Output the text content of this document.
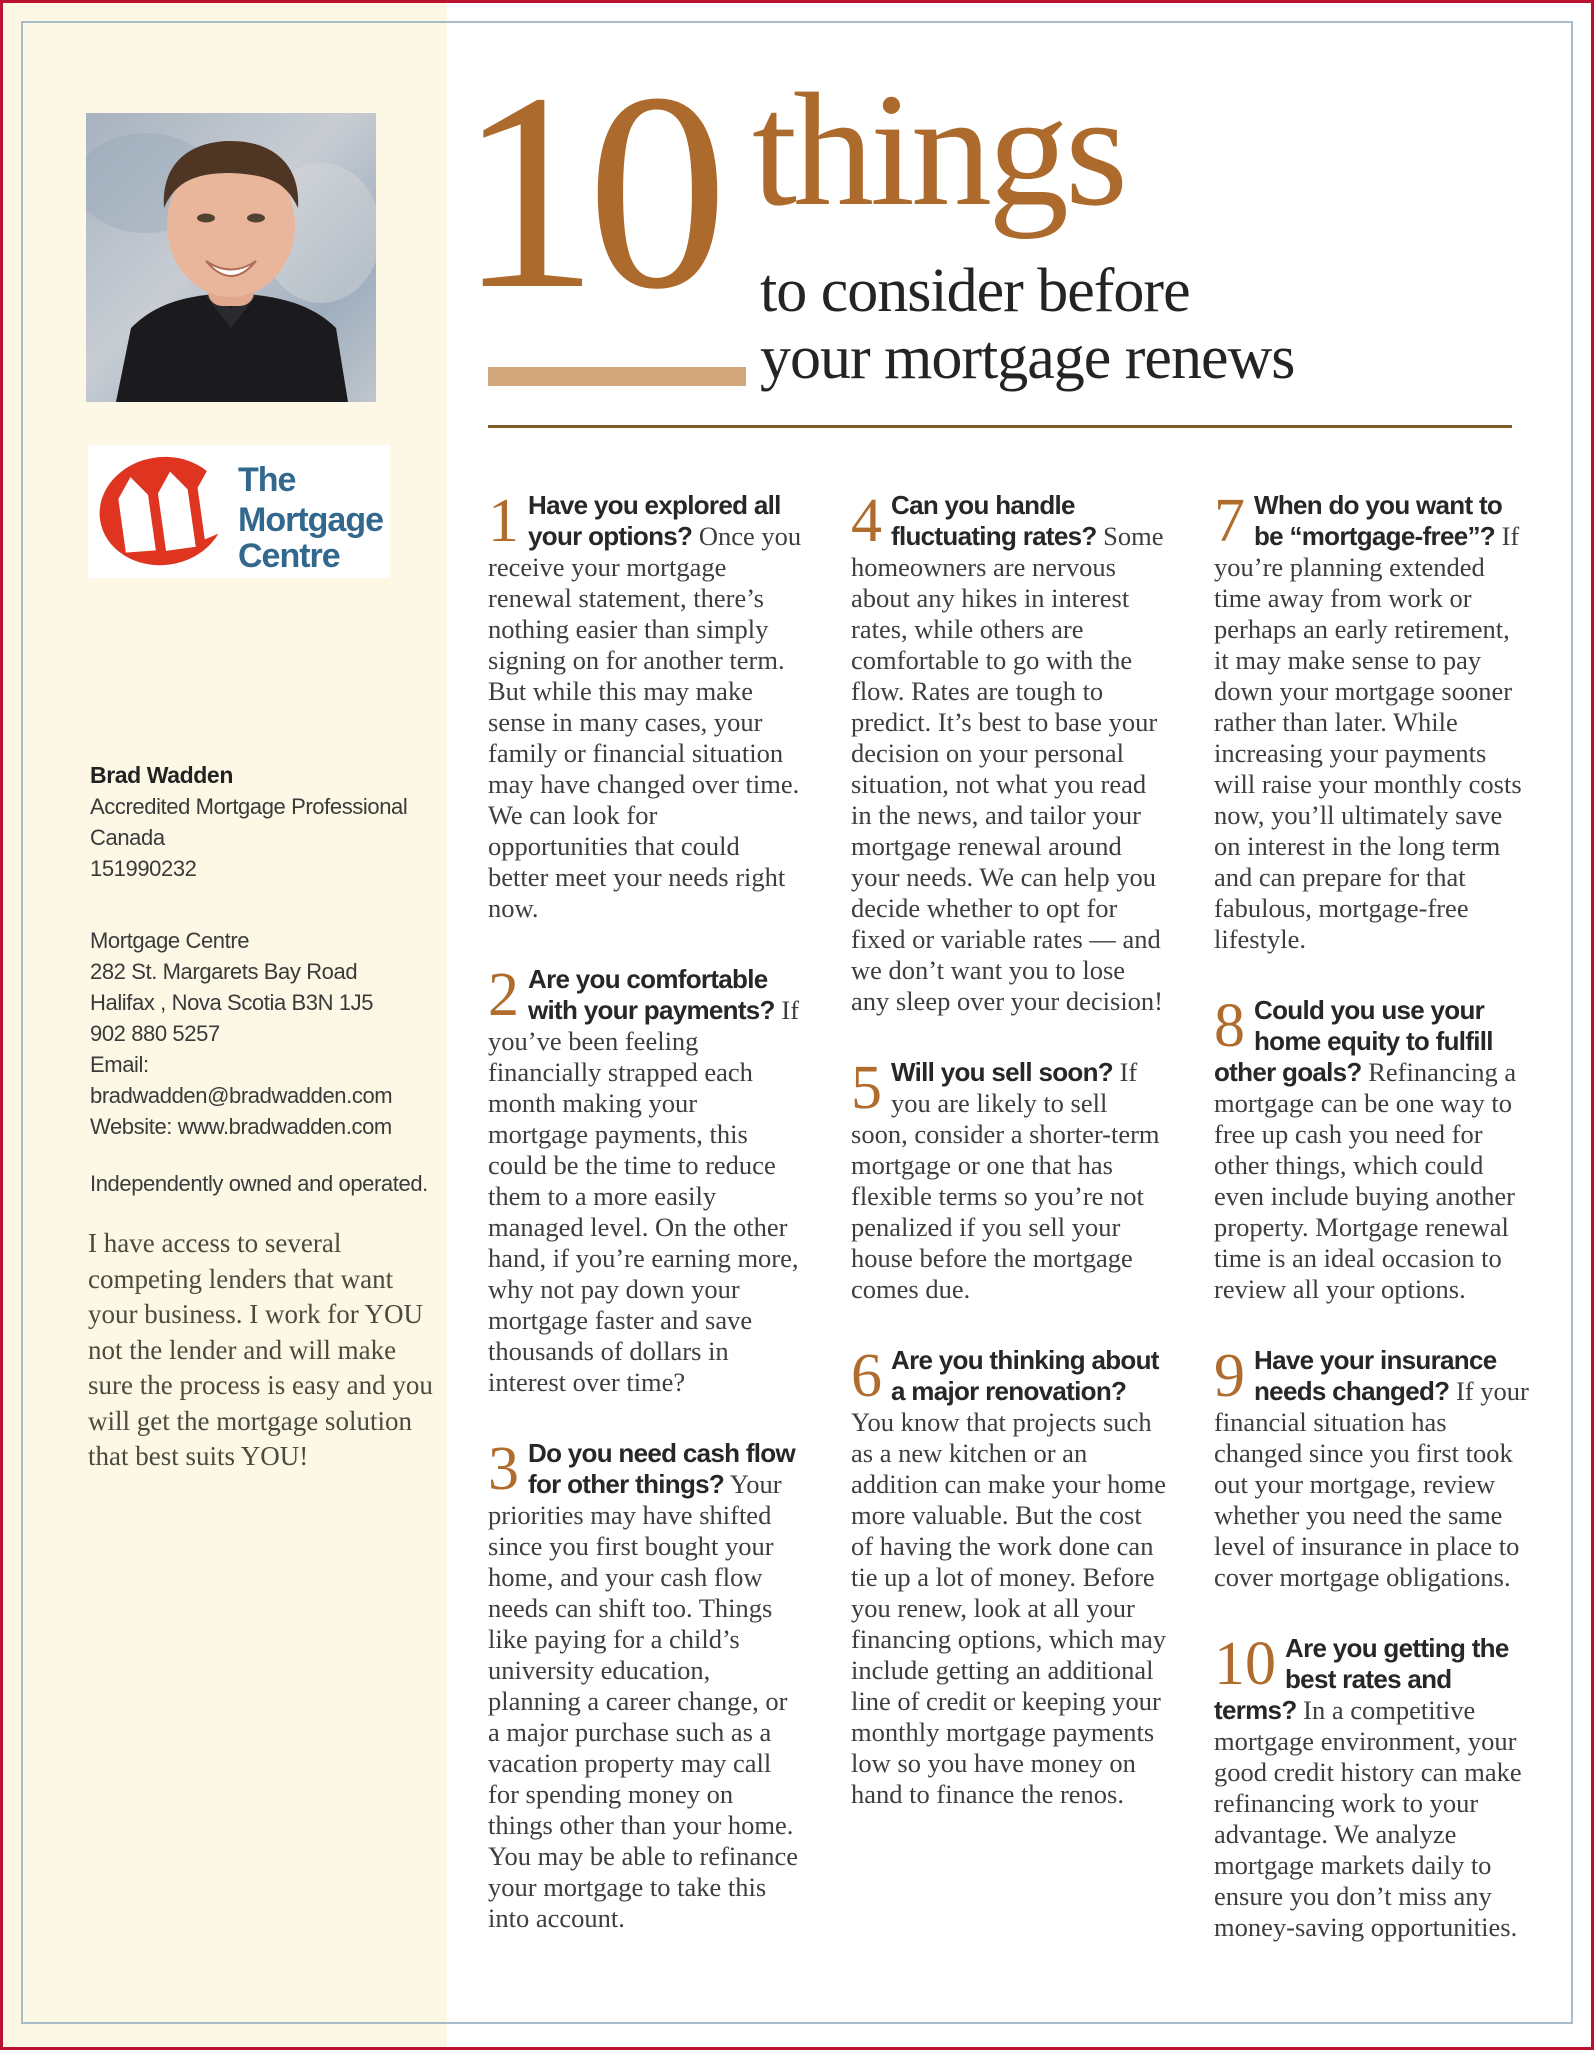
The
Mortgage
Centre
Brad Wadden
Accredited Mortgage Professional
Canada
151990232
Mortgage Centre
282 St. Margarets Bay Road
Halifax , Nova Scotia B3N 1J5
902 880 5257
Email:
bradwadden@bradwadden.com
Website: www.bradwadden.com
Independently owned and operated.

I have access to several competing lenders that want your business. I work for YOU not the lender and will make sure the process is easy and you will get the mortgage solution that best suits YOU!

10 things
to consider before
your mortgage renews
1 Have you explored all your options? Once you receive your mortgage renewal statement, there’s nothing easier than simply signing on for another term. But while this may make sense in many cases, your family or financial situation may have changed over time. We can look for opportunities that could better meet your needs right now.

2 Are you comfortable with your payments? If you’ve been feeling financially strapped each month making your mortgage payments, this could be the time to reduce them to a more easily managed level. On the other hand, if you’re earning more, why not pay down your mortgage faster and save thousands of dollars in interest over time?

3 Do you need cash flow for other things? Your priorities may have shifted since you first bought your home, and your cash flow needs can shift too. Things like paying for a child’s university education, planning a career change, or a major purchase such as a vacation property may call for spending money on things other than your home. You may be able to refinance your mortgage to take this into account.

4 Can you handle fluctuating rates? Some homeowners are nervous about any hikes in interest rates, while others are comfortable to go with the flow. Rates are tough to predict. It’s best to base your decision on your personal situation, not what you read in the news, and tailor your mortgage renewal around your needs. We can help you decide whether to opt for fixed or variable rates — and we don’t want you to lose any sleep over your decision!

5 Will you sell soon? If you are likely to sell soon, consider a shorter-term mortgage or one that has flexible terms so you’re not penalized if you sell your house before the mortgage comes due.

6 Are you thinking about a major renovation? You know that projects such as a new kitchen or an addition can make your home more valuable. But the cost of having the work done can tie up a lot of money. Before you renew, look at all your financing options, which may include getting an additional line of credit or keeping your monthly mortgage payments low so you have money on hand to finance the renos.

7 When do you want to be “mortgage-free”? If you’re planning extended time away from work or perhaps an early retirement, it may make sense to pay down your mortgage sooner rather than later. While increasing your payments will raise your monthly costs now, you’ll ultimately save on interest in the long term and can prepare for that fabulous, mortgage-free lifestyle.

8 Could you use your home equity to fulfill other goals? Refinancing a mortgage can be one way to free up cash you need for other things, which could even include buying another property. Mortgage renewal time is an ideal occasion to review all your options.

9 Have your insurance needs changed? If your financial situation has changed since you first took out your mortgage, review whether you need the same level of insurance in place to cover mortgage obligations.

10 Are you getting the best rates and terms? In a competitive mortgage environment, your good credit history can make refinancing work to your advantage. We analyze mortgage markets daily to ensure you don’t miss any money-saving opportunities.
